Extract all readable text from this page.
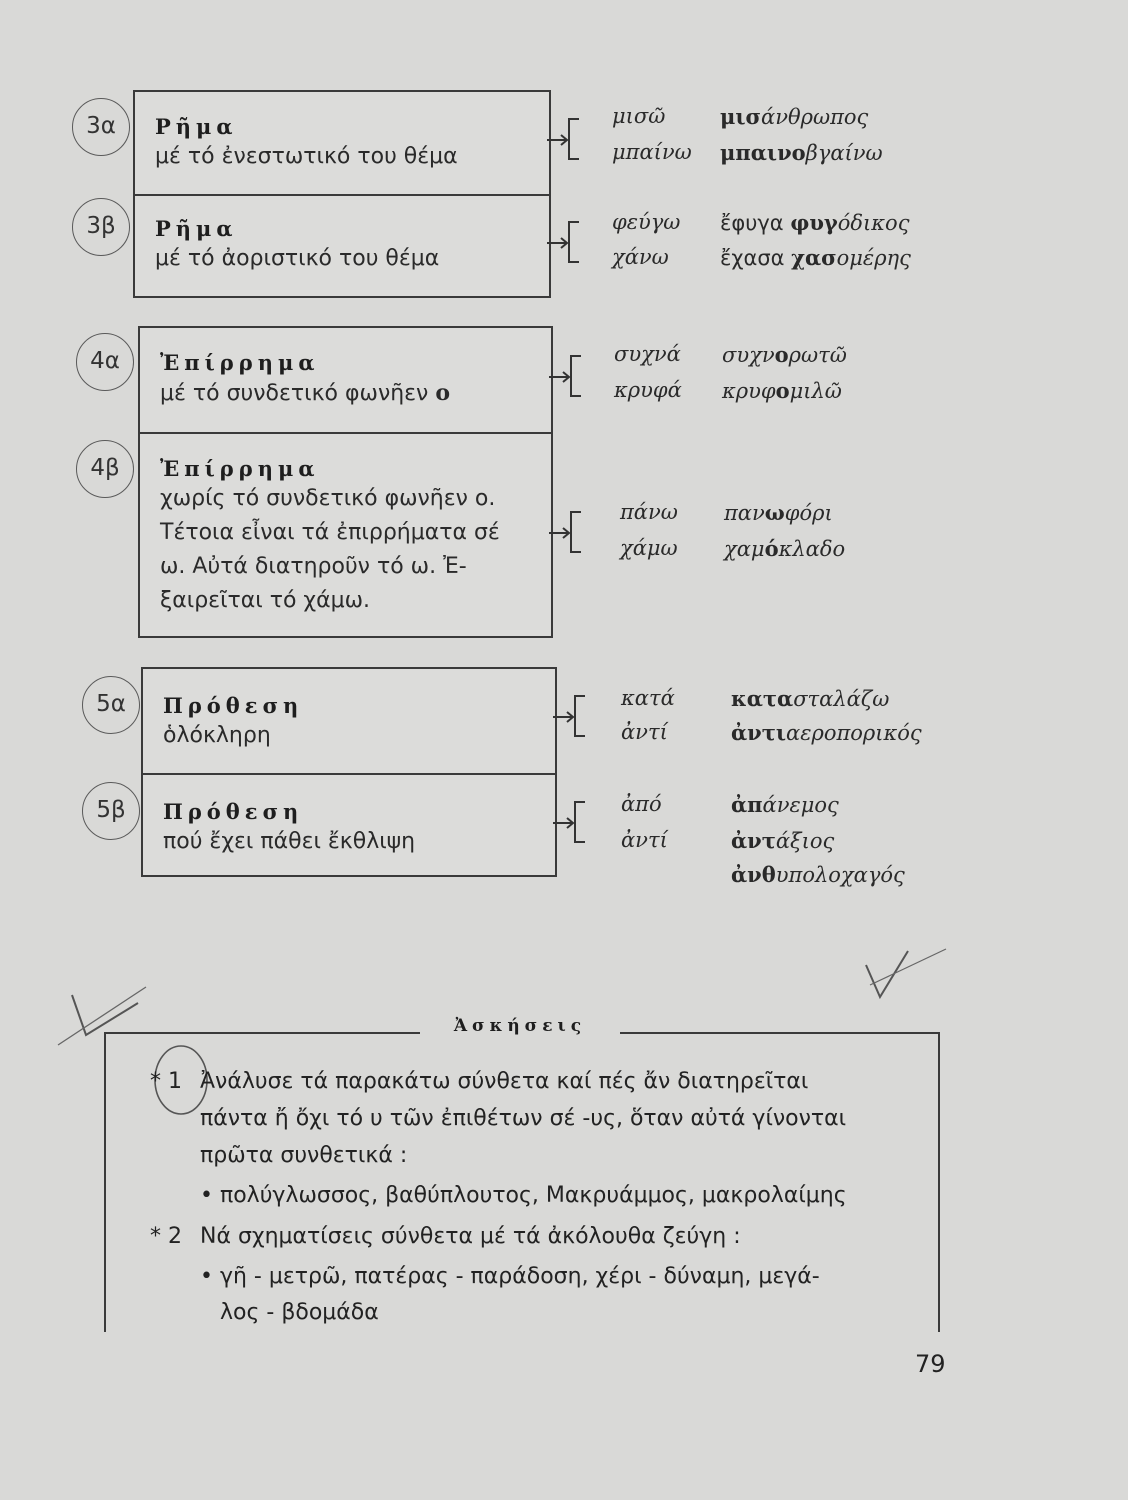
3α
3β
Ρῆμα
μέ τό ἐνεστωτικό του θέμα
Ρῆμα
μέ τό ἀοριστικό του θέμα
μισῶ	μισάνθρωπος
μπαίνω μπαινοβγαίνω
φεύγω ἔφυγα φυγόδικος
χάνω ἔχασα χασομέρης
4α
4β
Ἐπίρρημα
μέ τό συνδετικό φωνῆεν ο
Ἐπίρρημα
χωρίς τό συνδετικό φωνῆεν ο.
Τέτοια εἶναι τά ἐπιρρήματα σέ
ω. Αὐτά διατηροῦν τό ω. Ἐ-
ξαιρεῖται τό χάμω.
συχνά συχνορωτῶ
κρυφά κρυφομιλῶ
πάνω πανωφόρι
χάμω χαμόκλαδο
5α
5β
Πρόθεση
ὁλόκληρη
Πρόθεση
πού ἔχει πάθει ἔκθλιψη
κατά	κατασταλάζω
ἀντί	ἀντιαεροπορικός
ἀπό	ἀπάνεμος
ἀντί	ἀντάξιος
ἀνθυπολοχαγός
Ἀσκήσεις
* 1 Ἀνάλυσε τά παρακάτω σύνθετα καί πές ἄν διατηρεῖται
πάντα ἤ ὄχι τό υ τῶν ἐπιθέτων σέ -υς, ὅταν αὐτά γίνονται
πρῶτα συνθετικά :
• πολύγλωσσος, βαθύπλουτος, Μακρυάμμος, μακρολαίμης
* 2 Νά σχηματίσεις σύνθετα μέ τά ἀκόλουθα ζεύγη :
• γῆ - μετρῶ, πατέρας - παράδοση, χέρι - δύναμη, μεγά-
λος - βδομάδα
79
